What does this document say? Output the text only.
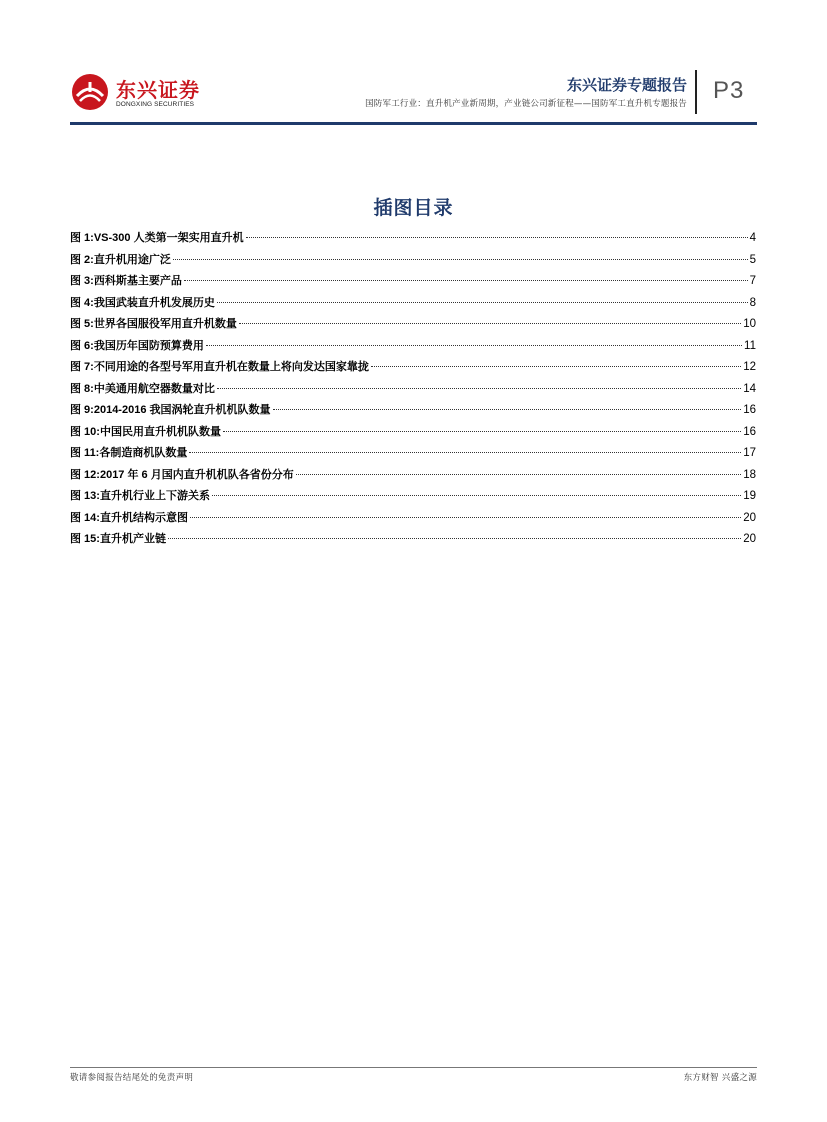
东兴证券
DONGXING SECURITIES
东兴证券专题报告
国防军工行业：直升机产业新周期，产业链公司新征程——国防军工直升机专题报告 P3
插图目录
图 1:VS-300 人类第一架实用直升机	4
图 2:直升机用途广泛	5
图 3:西科斯基主要产品	7
图 4:我国武装直升机发展历史	8
图 5:世界各国服役军用直升机数量	10
图 6:我国历年国防预算费用	11
图 7:不同用途的各型号军用直升机在数量上将向发达国家靠拢	12
图 8:中美通用航空器数量对比	14
图 9:2014-2016 我国涡轮直升机机队数量	16
图 10:中国民用直升机机队数量	16
图 11:各制造商机队数量	17
图 12:2017 年 6 月国内直升机机队各省份分布	18
图 13:直升机行业上下游关系	19
图 14:直升机结构示意图	20
图 15:直升机产业链	20
敬请参阅报告结尾处的免责声明	东方财智 兴盛之源
